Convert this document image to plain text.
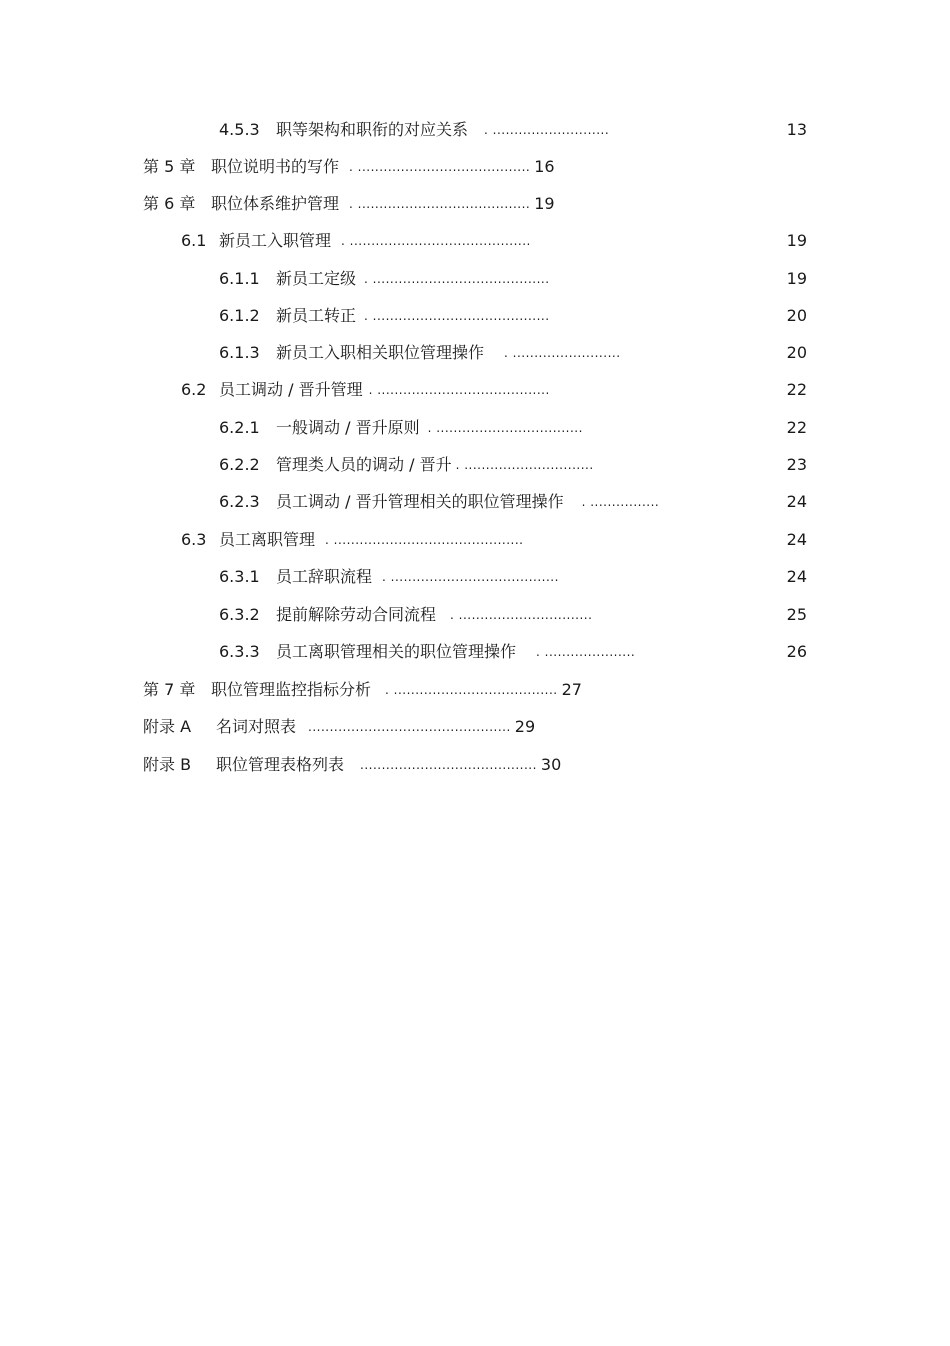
4.5.3	职等架构和职衔的对应关系 . ...........................	13
第 5 章 职位说明书的写作 . ........................................ 16
第 6 章 职位体系维护管理 . ........................................ 19
6.1 新员工入职管理 . ..........................................	19
6.1.1	新员工定级 . .........................................	19
6.1.2	新员工转正 . .........................................	20
6.1.3	新员工入职相关职位管理操作 . .........................	20
6.2 员工调动 / 晋升管理 . ........................................	22
6.2.1	一般调动 / 晋升原则 . ..................................	22
6.2.2	管理类人员的调动 / 晋升 . ..............................	23
6.2.3	员工调动 / 晋升管理相关的职位管理操作 . ................	24
6.3 员工离职管理 . ............................................	24
6.3.1	员工辞职流程 . .......................................	24
6.3.2	提前解除劳动合同流程 . ...............................	25
6.3.3	员工离职管理相关的职位管理操作 . .....................	26
第 7 章 职位管理监控指标分析 . ...................................... 27
附录 A	名词对照表 ............................................... 29
附录 B	职位管理表格列表 ......................................... 30
